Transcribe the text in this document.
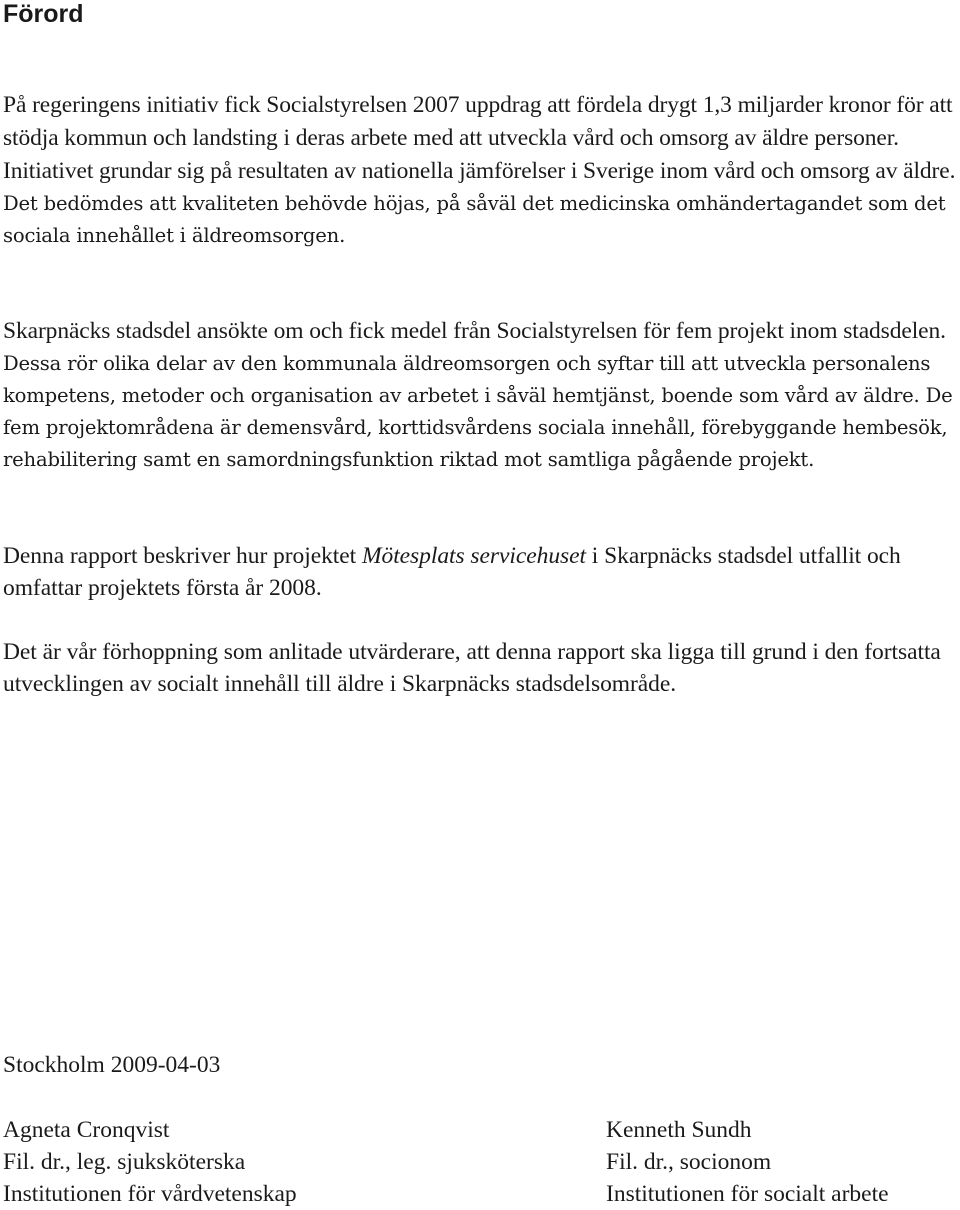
Förord

På regeringens initiativ fick Socialstyrelsen 2007 uppdrag att fördela drygt 1,3 miljarder kronor för att stödja kommun och landsting i deras arbete med att utveckla vård och omsorg av äldre personer. Initiativet grundar sig på resultaten av nationella jämförelser i Sverige inom vård och omsorg av äldre. Det bedömdes att kvaliteten behövde höjas, på såväl det medicinska omhändertagandet som det sociala innehållet i äldreomsorgen.

Skarpnäcks stadsdel ansökte om och fick medel från Socialstyrelsen för fem projekt inom stadsdelen. Dessa rör olika delar av den kommunala äldreomsorgen och syftar till att utveckla personalens kompetens, metoder och organisation av arbetet i såväl hemtjänst, boende som vård av äldre. De fem projektområdena är demensvård, korttidsvårdens sociala innehåll, förebyggande hembesök, rehabilitering samt en samordningsfunktion riktad mot samtliga pågående projekt.

Denna rapport beskriver hur projektet Mötesplats servicehuset i Skarpnäcks stadsdel utfallit och omfattar projektets första år 2008.

Det är vår förhoppning som anlitade utvärderare, att denna rapport ska ligga till grund i den fortsatta utvecklingen av socialt innehåll till äldre i Skarpnäcks stadsdelsområde.

Stockholm 2009-04-03

Agneta Cronqvist
Fil. dr., leg. sjuksköterska
Institutionen för vårdvetenskap
Kenneth Sundh
Fil. dr., socionom
Institutionen för socialt arbete
